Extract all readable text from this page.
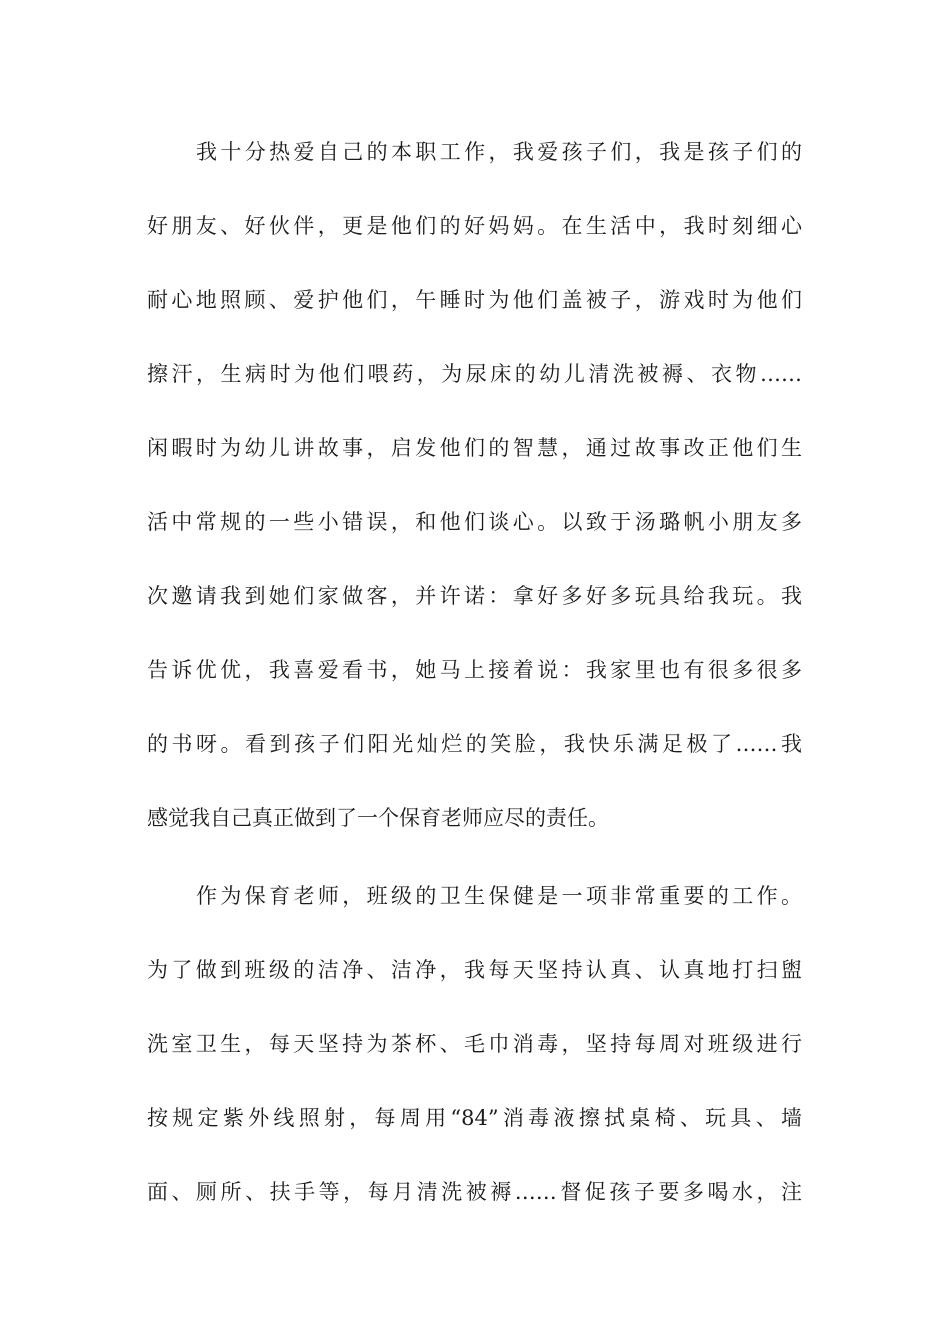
我十分热爱自己的本职工作，我爱孩子们，我是孩子们的
好朋友、好伙伴，更是他们的好妈妈。在生活中，我时刻细心
耐心地照顾、爱护他们，午睡时为他们盖被子，游戏时为他们
擦汗，生病时为他们喂药，为尿床的幼儿清洗被褥、衣物……
闲暇时为幼儿讲故事，启发他们的智慧，通过故事改正他们生
活中常规的一些小错误，和他们谈心。以致于汤璐帆小朋友多
次邀请我到她们家做客，并许诺：拿好多好多玩具给我玩。我
告诉优优，我喜爱看书，她马上接着说：我家里也有很多很多
的书呀。看到孩子们阳光灿烂的笑脸，我快乐满足极了……我
感觉我自己真正做到了一个保育老师应尽的责任。
作为保育老师，班级的卫生保健是一项非常重要的工作。
为了做到班级的洁净、洁净，我每天坚持认真、认真地打扫盥
洗室卫生，每天坚持为茶杯、毛巾消毒，坚持每周对班级进行
按规定紫外线照射，每周用“84”消毒液擦拭桌椅、玩具、墙
面、厕所、扶手等，每月清洗被褥……督促孩子要多喝水，注
